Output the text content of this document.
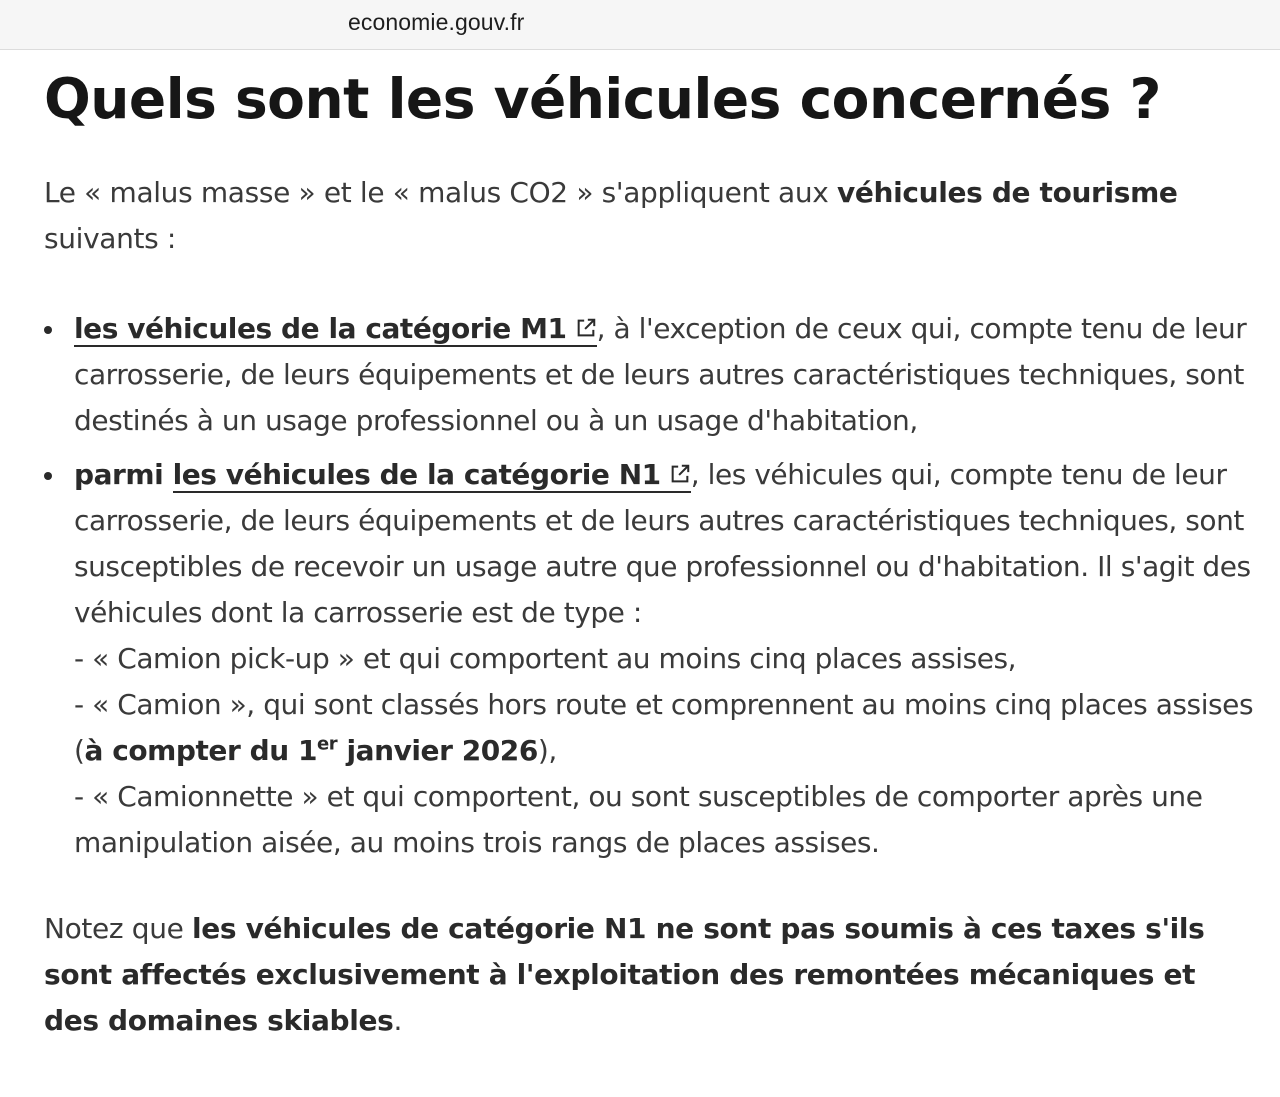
economie.gouv.fr
Quels sont les véhicules concernés ?

Le « malus masse » et le « malus CO2 » s'appliquent aux véhicules de tourisme
suivants :

les véhicules de la catégorie M1 , à l'exception de ceux qui, compte tenu de leur carrosserie, de leurs équipements et de leurs autres caractéristiques techniques, sont destinés à un usage professionnel ou à un usage d'habitation,
parmi les véhicules de la catégorie N1 , les véhicules qui, compte tenu de leur carrosserie, de leurs équipements et de leurs autres caractéristiques techniques, sont susceptibles de recevoir un usage autre que professionnel ou d'habitation. Il s'agit des véhicules dont la carrosserie est de type :
- « Camion pick-up » et qui comportent au moins cinq places assises,
- « Camion », qui sont classés hors route et comprennent au moins cinq places assises (à compter du 1er janvier 2026),
- « Camionnette » et qui comportent, ou sont susceptibles de comporter après une manipulation aisée, au moins trois rangs de places assises.

Notez que les véhicules de catégorie N1 ne sont pas soumis à ces taxes s'ils sont affectés exclusivement à l'exploitation des remontées mécaniques et des domaines skiables.
